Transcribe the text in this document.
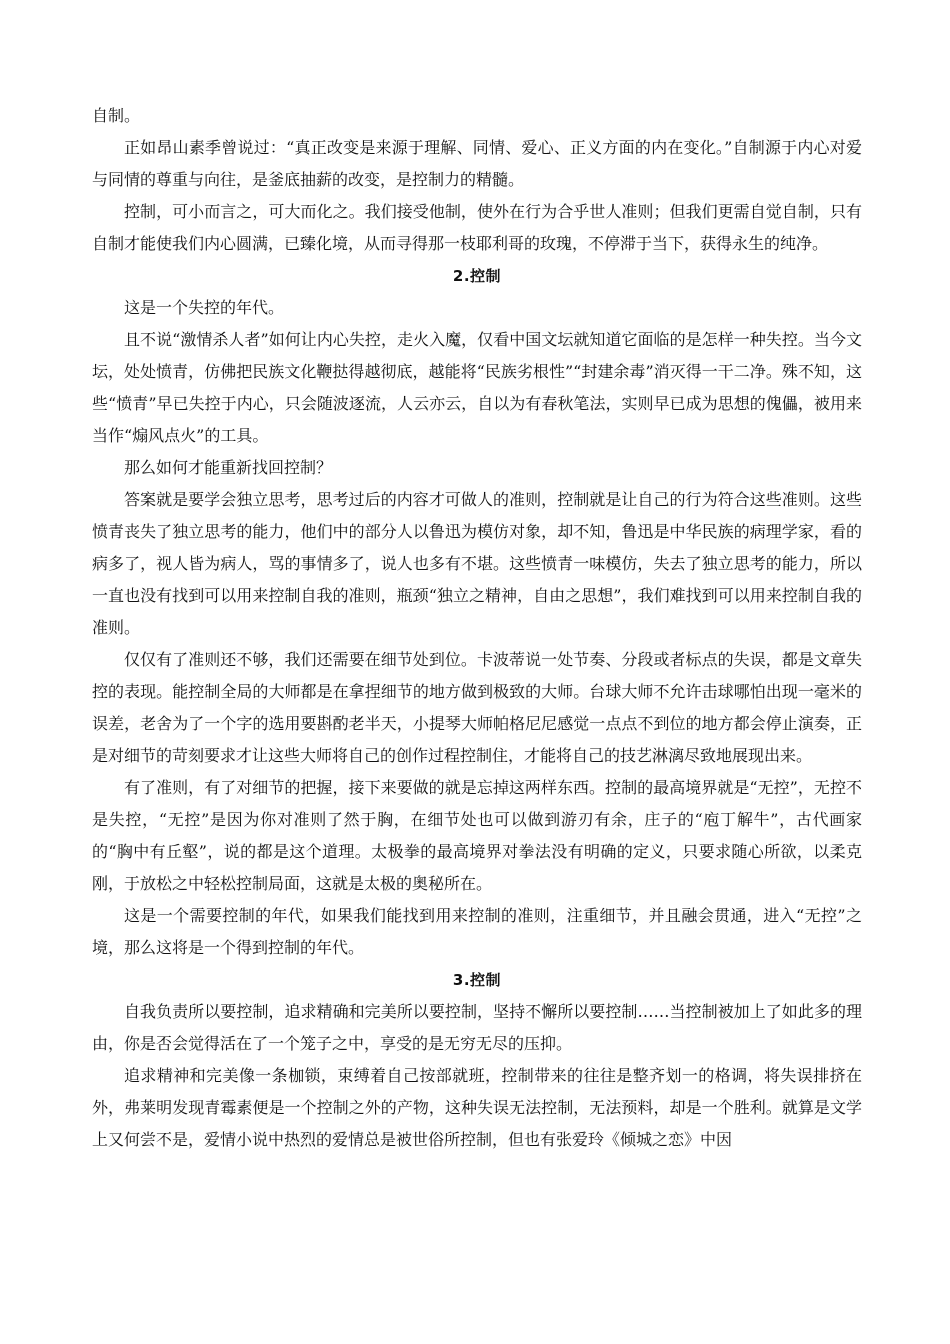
自制。

正如昂山素季曾说过：“真正改变是来源于理解、同情、爱心、正义方面的内在变化。”自制源于内心对爱与同情的尊重与向往，是釜底抽薪的改变，是控制力的精髓。

控制，可小而言之，可大而化之。我们接受他制，使外在行为合乎世人准则；但我们更需自觉自制，只有自制才能使我们内心圆满，已臻化境，从而寻得那一枝耶利哥的玫瑰，不停滞于当下，获得永生的纯净。

2.控制

这是一个失控的年代。

且不说“激情杀人者”如何让内心失控，走火入魔，仅看中国文坛就知道它面临的是怎样一种失控。当今文坛，处处愤青，仿佛把民族文化鞭挞得越彻底，越能将“民族劣根性”“封建余毒”消灭得一干二净。殊不知，这些“愤青”早已失控于内心，只会随波逐流，人云亦云，自以为有春秋笔法，实则早已成为思想的傀儡，被用来当作“煽风点火”的工具。

那么如何才能重新找回控制？

答案就是要学会独立思考，思考过后的内容才可做人的准则，控制就是让自己的行为符合这些准则。这些愤青丧失了独立思考的能力，他们中的部分人以鲁迅为模仿对象，却不知，鲁迅是中华民族的病理学家，看的病多了，视人皆为病人，骂的事情多了，说人也多有不堪。这些愤青一味模仿，失去了独立思考的能力，所以一直也没有找到可以用来控制自我的准则，瓶颈“独立之精神，自由之思想”，我们难找到可以用来控制自我的准则。

仅仅有了准则还不够，我们还需要在细节处到位。卡波蒂说一处节奏、分段或者标点的失误，都是文章失控的表现。能控制全局的大师都是在拿捏细节的地方做到极致的大师。台球大师不允许击球哪怕出现一毫米的误差，老舍为了一个字的选用要斟酌老半天，小提琴大师帕格尼尼感觉一点点不到位的地方都会停止演奏，正是对细节的苛刻要求才让这些大师将自己的创作过程控制住，才能将自己的技艺淋漓尽致地展现出来。

有了准则，有了对细节的把握，接下来要做的就是忘掉这两样东西。控制的最高境界就是“无控”，无控不是失控，“无控”是因为你对准则了然于胸，在细节处也可以做到游刃有余，庄子的“庖丁解牛”，古代画家的“胸中有丘壑”，说的都是这个道理。太极拳的最高境界对拳法没有明确的定义，只要求随心所欲，以柔克刚，于放松之中轻松控制局面，这就是太极的奥秘所在。

这是一个需要控制的年代，如果我们能找到用来控制的准则，注重细节，并且融会贯通，进入“无控”之境，那么这将是一个得到控制的年代。

3.控制

自我负责所以要控制，追求精确和完美所以要控制，坚持不懈所以要控制……当控制被加上了如此多的理由，你是否会觉得活在了一个笼子之中，享受的是无穷无尽的压抑。

追求精神和完美像一条枷锁，束缚着自己按部就班，控制带来的往往是整齐划一的格调，将失误排挤在外，弗莱明发现青霉素便是一个控制之外的产物，这种失误无法控制，无法预料，却是一个胜利。就算是文学上又何尝不是，爱情小说中热烈的爱情总是被世俗所控制，但也有张爱玲《倾城之恋》中因
